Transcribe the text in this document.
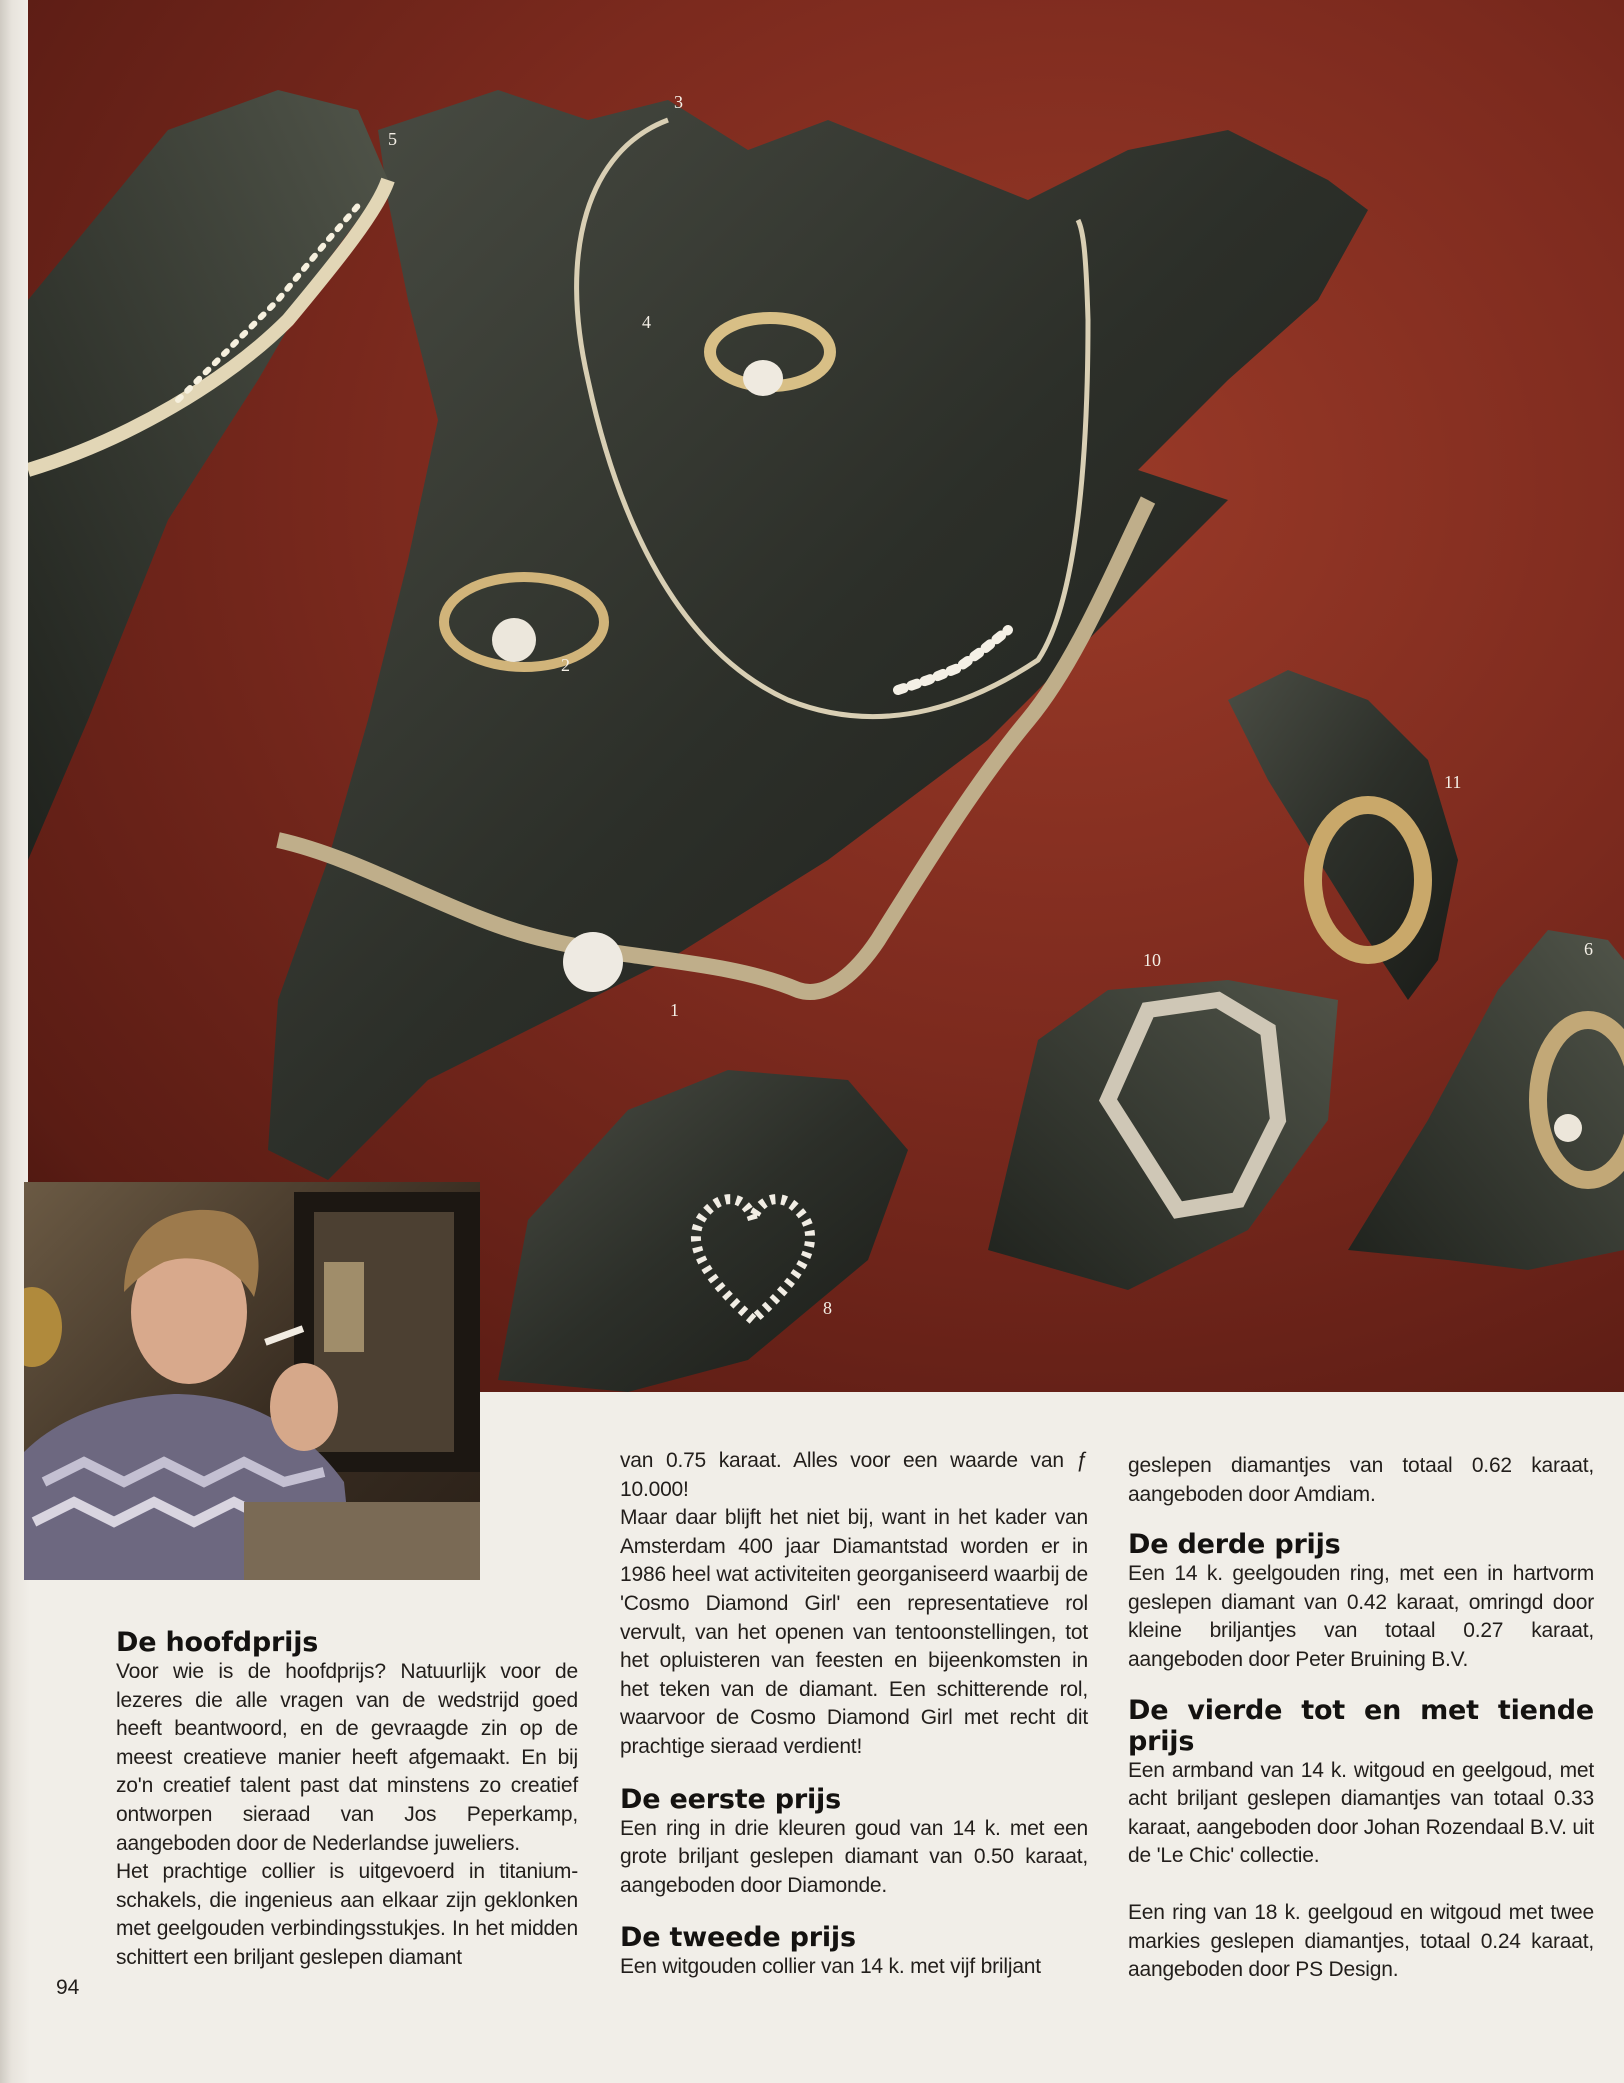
1
2
3
4
5
6
8
10
11
De hoofdprijs

Voor wie is de hoofdprijs? Natuurlijk voor de lezeres die alle vragen van de wedstrijd goed heeft beantwoord, en de gevraagde zin op de meest creatieve manier heeft afgemaakt. En bij zo'n creatief talent past dat minstens zo creatief ontworpen sieraad van Jos Peperkamp, aangeboden door de Nederlandse juweliers.

Het prachtige collier is uitgevoerd in titanium-schakels, die ingenieus aan elkaar zijn geklonken met geelgouden verbindingsstukjes. In het midden schittert een briljant geslepen diamant

94

van 0.75 karaat. Alles voor een waarde van ƒ 10.000!

Maar daar blijft het niet bij, want in het kader van Amsterdam 400 jaar Diamantstad worden er in 1986 heel wat activiteiten georganiseerd waarbij de 'Cosmo Diamond Girl' een representatieve rol vervult, van het openen van tentoonstellingen, tot het opluisteren van feesten en bijeenkomsten in het teken van de diamant. Een schitterende rol, waarvoor de Cosmo Diamond Girl met recht dit prachtige sieraad verdient!

De eerste prijs

Een ring in drie kleuren goud van 14 k. met een grote briljant geslepen diamant van 0.50 karaat, aangeboden door Diamonde.

De tweede prijs

Een witgouden collier van 14 k. met vijf briljant

geslepen diamantjes van totaal 0.62 karaat, aangeboden door Amdiam.

De derde prijs

Een 14 k. geelgouden ring, met een in hartvorm geslepen diamant van 0.42 karaat, omringd door kleine briljantjes van totaal 0.27 karaat, aangeboden door Peter Bruining B.V.

De vierde tot en met tiende prijs

Een armband van 14 k. witgoud en geelgoud, met acht briljant geslepen diamantjes van totaal 0.33 karaat, aangeboden door Johan Rozendaal B.V. uit de 'Le Chic' collectie.

Een ring van 18 k. geelgoud en witgoud met twee markies geslepen diamantjes, totaal 0.24 karaat, aangeboden door PS Design.
